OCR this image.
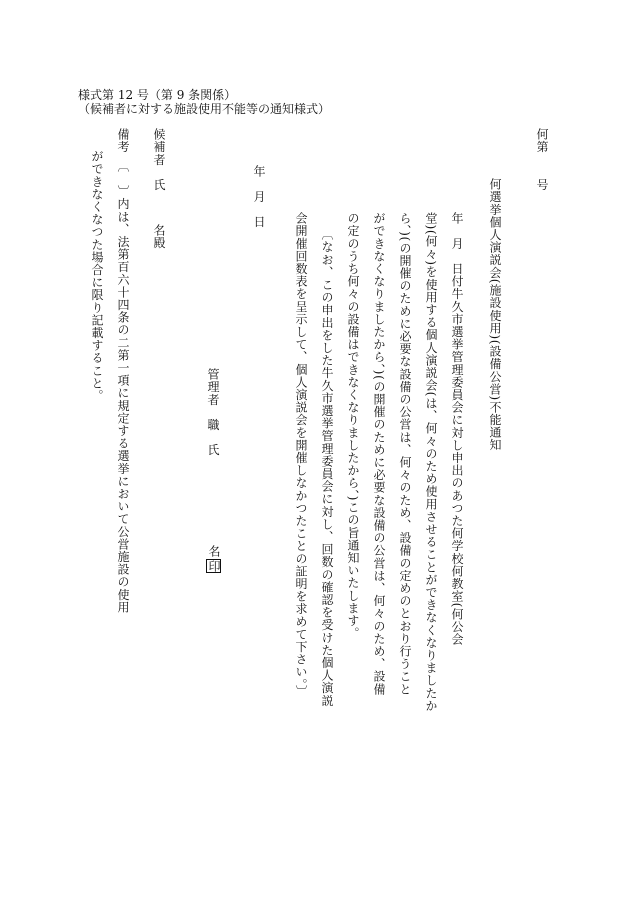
様式第 12 号（第 9 条関係）
（候補者に対する施設使用不能等の通知様式）
何第　　号
何選挙個人演説会(施設使用)(設備公営)不能通知
年　月　日付牛久市選挙管理委員会に対し申出のあつた何学校何教室(何公会
堂)(何々)を使用する個人演説会(は、何々のため使用させることができなくなりましたか
ら、)(の開催のために必要な設備の公営は、何々のため、設備の定めのとおり行うこと
ができなくなりましたから、)(の開催のために必要な設備の公営は、何々のため、設備
の定のうち何々の設備はできなくなりましたから、)この旨通知いたします。
〔なお、この申出をした牛久市選挙管理委員会に対し、回数の確認を受けた個人演説
会開催回数表を呈示して、個人演説会を開催しなかつたことの証明を求めて下さい。〕
年　月　日
管理者　職　氏
名印
候補者　氏
名殿
備考　〔　〕内は、法第百六十四条の二第一項に規定する選挙において公営施設の使用
ができなくなつた場合に限り記載すること。
